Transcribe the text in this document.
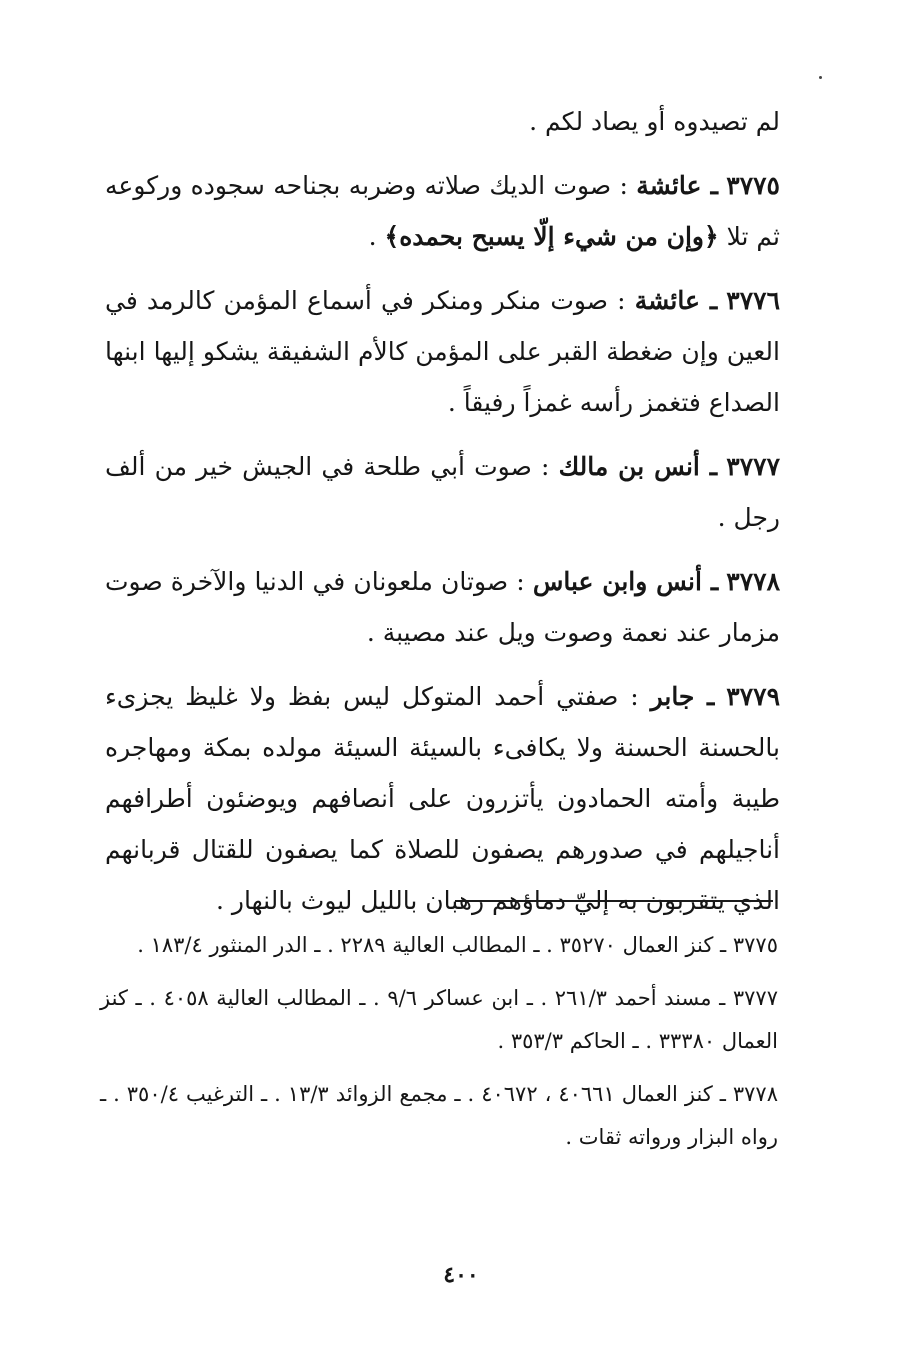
لم تصيدوه أو يصاد لكم .

٣٧٧٥ ـ عائشة : صوت الديك صلاته وضربه بجناحه سجوده وركوعه ثم تلا ﴿وإن من شيء إلّا يسبح بحمده﴾ .

٣٧٧٦ ـ عائشة : صوت منكر ومنكر في أسماع المؤمن كالرمد في العين وإن ضغطة القبر على المؤمن كالأم الشفيقة يشكو إليها ابنها الصداع فتغمز رأسه غمزاً رفيقاً .

٣٧٧٧ ـ أنس بن مالك : صوت أبي طلحة في الجيش خير من ألف رجل .

٣٧٧٨ ـ أنس وابن عباس : صوتان ملعونان في الدنيا والآخرة صوت مزمار عند نعمة وصوت ويل عند مصيبة .

٣٧٧٩ ـ جابر : صفتي أحمد المتوكل ليس بفظ ولا غليظ يجزىء بالحسنة الحسنة ولا يكافىء بالسيئة السيئة مولده بمكة ومهاجره طيبة وأمته الحمادون يأتزرون على أنصافهم ويوضئون أطرافهم أناجيلهم في صدورهم يصفون للصلاة كما يصفون للقتال قربانهم الذي يتقربون به إليّ دماؤهم رهبان بالليل ليوث بالنهار .

٣٧٧٥ ـ كنز العمال ٣٥٢٧٠ . ـ المطالب العالية ٢٢٨٩ . ـ الدر المنثور ١٨٣/٤ .

٣٧٧٧ ـ مسند أحمد ٢٦١/٣ . ـ ابن عساكر ٩/٦ . ـ المطالب العالية ٤٠٥٨ . ـ كنز العمال ٣٣٣٨٠ . ـ الحاكم ٣٥٣/٣ .

٣٧٧٨ ـ كنز العمال ٤٠٦٦١ ، ٤٠٦٧٢ . ـ مجمع الزوائد ١٣/٣ . ـ الترغيب ٣٥٠/٤ . ـ رواه البزار ورواته ثقات .

٤٠٠
